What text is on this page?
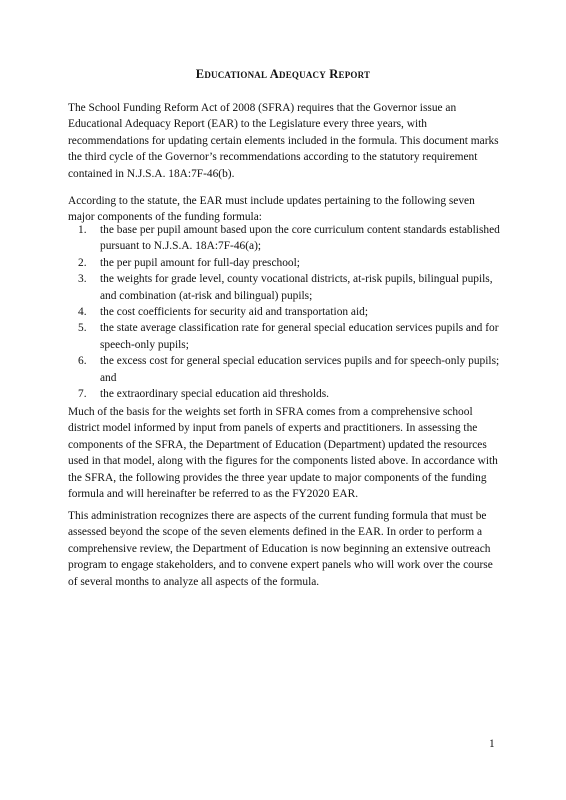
Educational Adequacy Report

The School Funding Reform Act of 2008 (SFRA) requires that the Governor issue an Educational Adequacy Report (EAR) to the Legislature every three years, with recommendations for updating certain elements included in the formula. This document marks the third cycle of the Governor’s recommendations according to the statutory requirement contained in N.J.S.A. 18A:7F-46(b).

According to the statute, the EAR must include updates pertaining to the following seven major components of the funding formula:

1. the base per pupil amount based upon the core curriculum content standards established pursuant to N.J.S.A. 18A:7F-46(a);
2. the per pupil amount for full-day preschool;
3. the weights for grade level, county vocational districts, at-risk pupils, bilingual pupils, and combination (at-risk and bilingual) pupils;
4. the cost coefficients for security aid and transportation aid;
5. the state average classification rate for general special education services pupils and for speech-only pupils;
6. the excess cost for general special education services pupils and for speech-only pupils; and
7. the extraordinary special education aid thresholds.

Much of the basis for the weights set forth in SFRA comes from a comprehensive school district model informed by input from panels of experts and practitioners. In assessing the components of the SFRA, the Department of Education (Department) updated the resources used in that model, along with the figures for the components listed above. In accordance with the SFRA, the following provides the three year update to major components of the funding formula and will hereinafter be referred to as the FY2020 EAR.

This administration recognizes there are aspects of the current funding formula that must be assessed beyond the scope of the seven elements defined in the EAR. In order to perform a comprehensive review, the Department of Education is now beginning an extensive outreach program to engage stakeholders, and to convene expert panels who will work over the course of several months to analyze all aspects of the formula.

1
